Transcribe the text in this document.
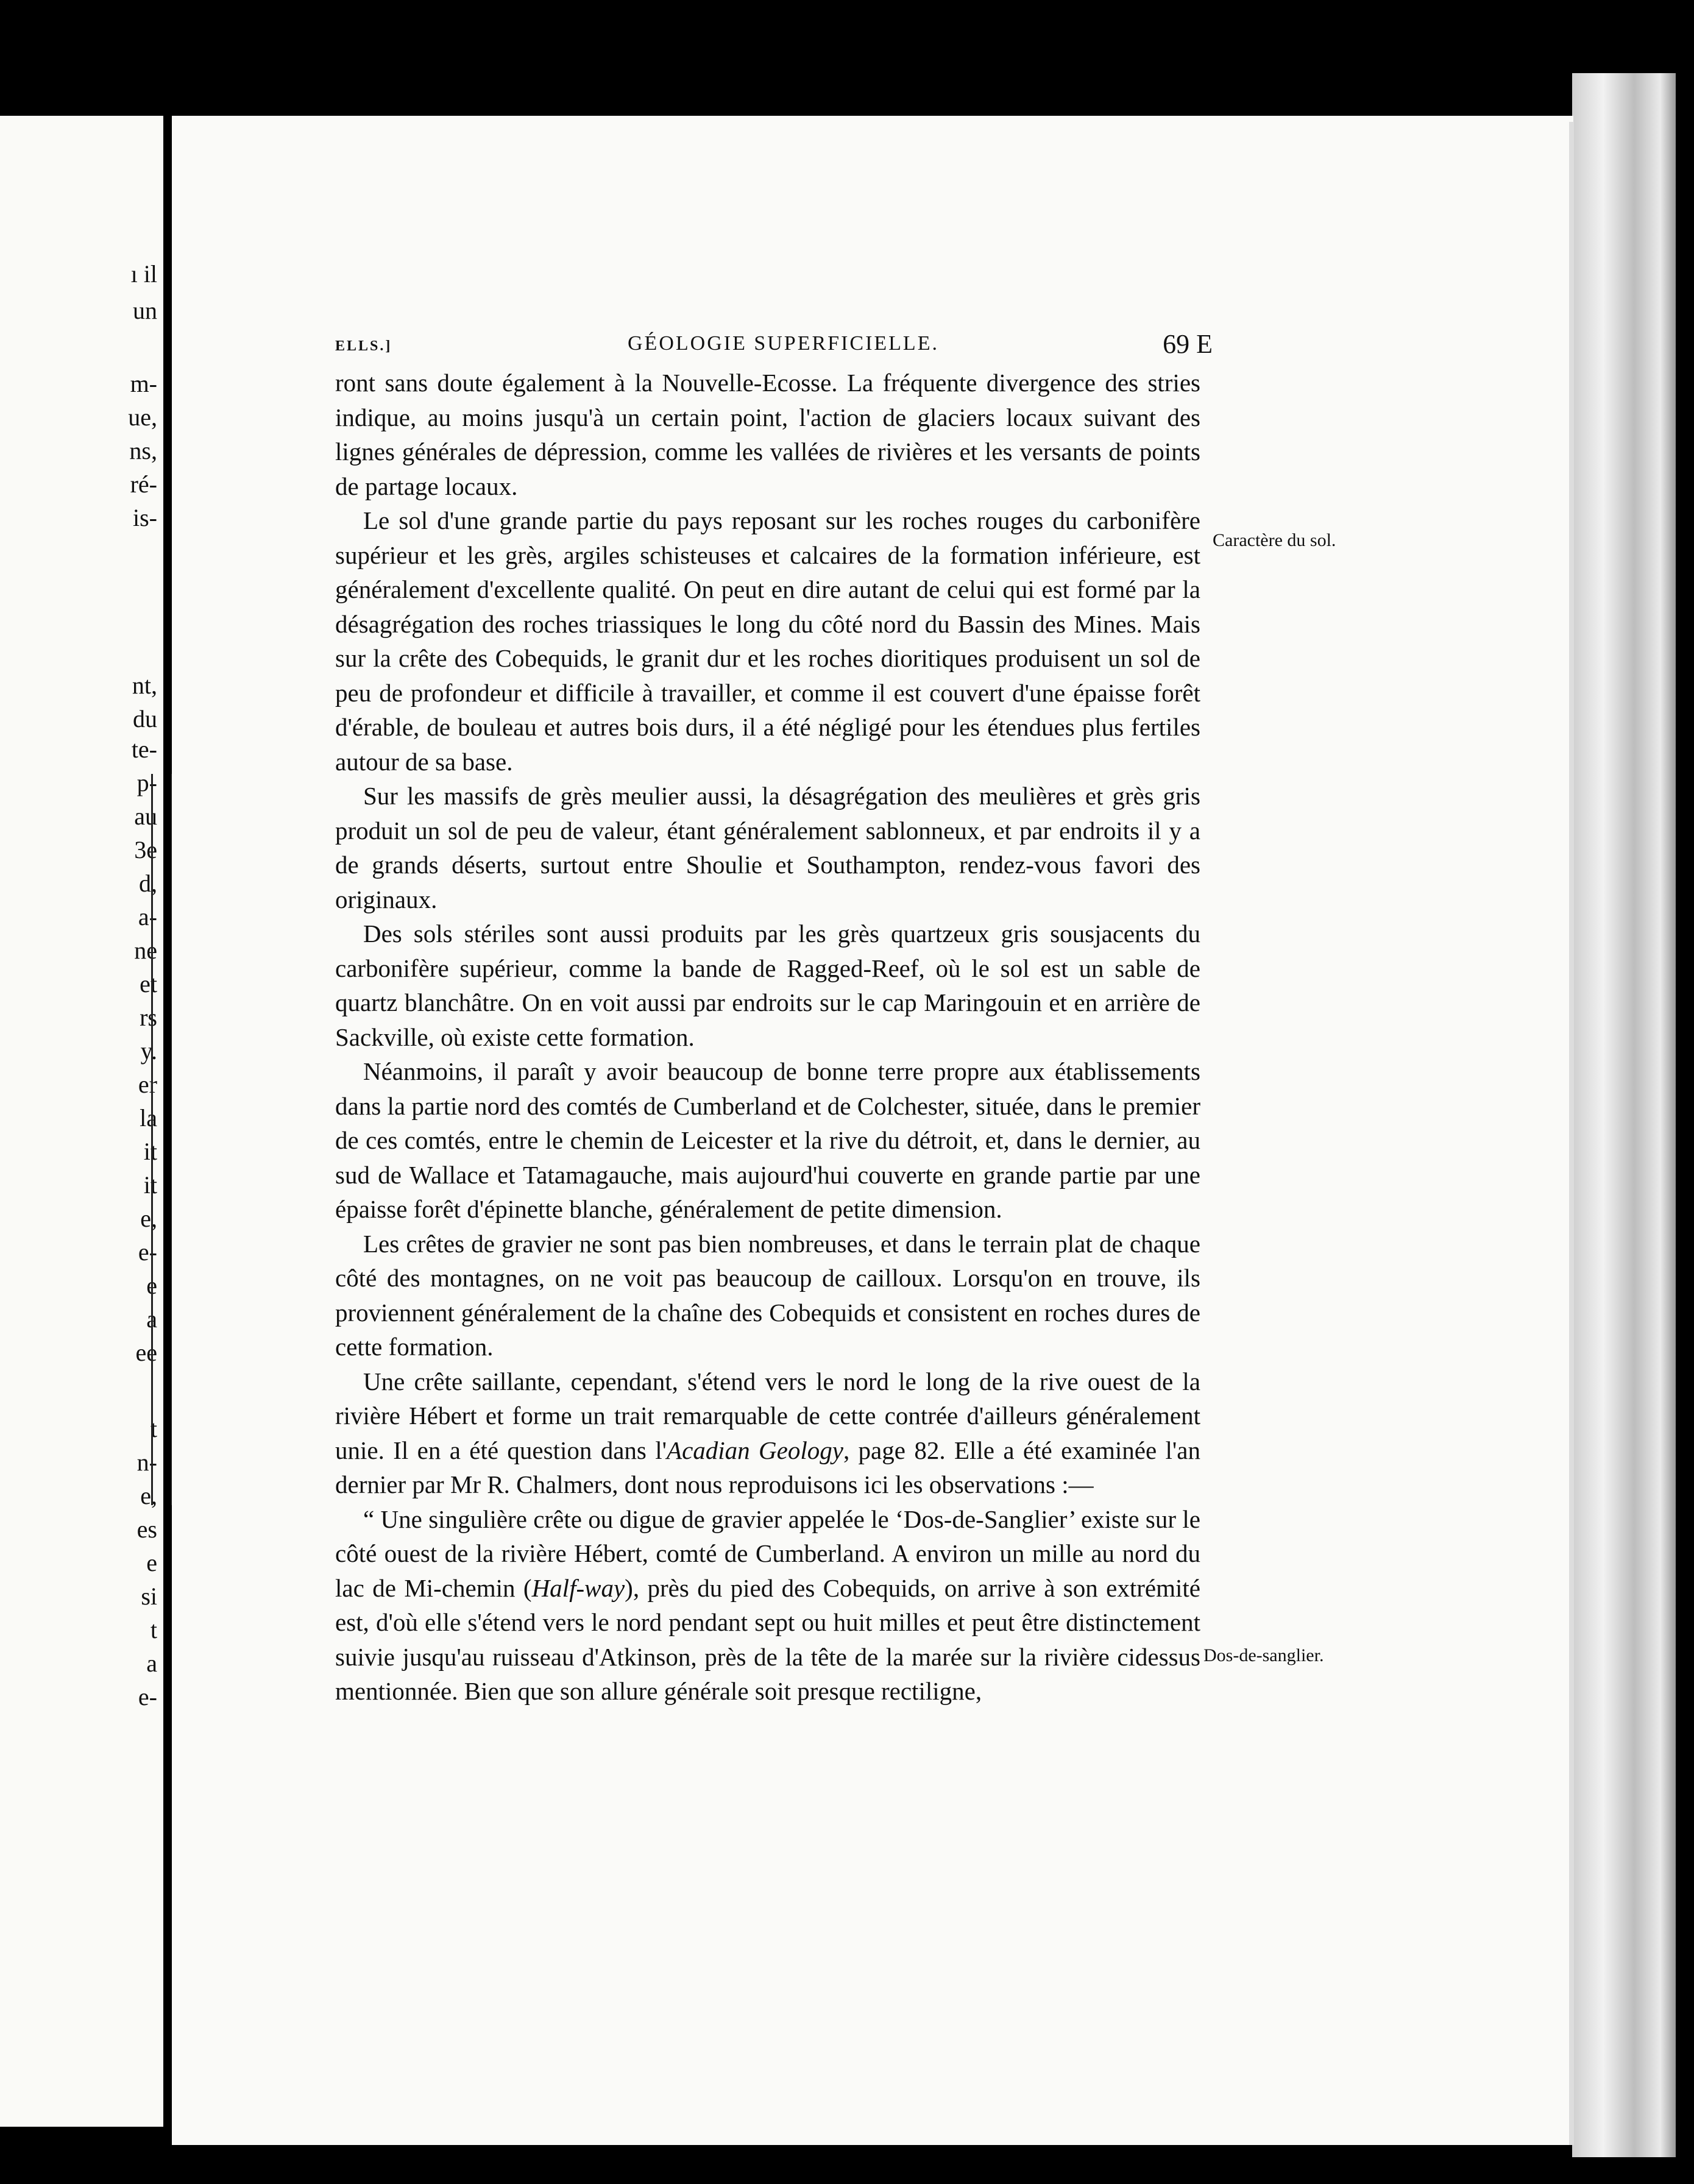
ı il
un
m-
ue,
ns,
ré-
is-
nt,
du
te-
p-
au
3e
d,
a-
ne
et
rs
y.
er
la
it
it
e,
e-
e
a
ee
t
n-
e,
es
e
si
t
a
e-
ELLS.]	GÉOLOGIE SUPERFICIELLE.	69 E

ront sans doute également à la Nouvelle-Ecosse. La fréquente divergence des stries indique, au moins jusqu'à un certain point, l'action de glaciers locaux suivant des lignes générales de dépression, comme les vallées de rivières et les versants de points de partage locaux.

Le sol d'une grande partie du pays reposant sur les roches rouges du carbonifère supérieur et les grès, argiles schisteuses et calcaires de la formation inférieure, est généralement d'excellente qualité. On peut en dire autant de celui qui est formé par la désagrégation des roches triassiques le long du côté nord du Bassin des Mines. Mais sur la crête des Cobequids, le granit dur et les roches dioritiques produisent un sol de peu de profondeur et difficile à travailler, et comme il est couvert d'une épaisse forêt d'érable, de bouleau et autres bois durs, il a été négligé pour les étendues plus fertiles autour de sa base.

Sur les massifs de grès meulier aussi, la désagrégation des meulières et grès gris produit un sol de peu de valeur, étant généralement sablonneux, et par endroits il y a de grands déserts, surtout entre Shoulie et Southampton, rendez-vous favori des originaux.

Des sols stériles sont aussi produits par les grès quartzeux gris sousjacents du carbonifère supérieur, comme la bande de Ragged-Reef, où le sol est un sable de quartz blanchâtre. On en voit aussi par endroits sur le cap Maringouin et en arrière de Sackville, où existe cette formation.

Néanmoins, il paraît y avoir beaucoup de bonne terre propre aux établissements dans la partie nord des comtés de Cumberland et de Colchester, située, dans le premier de ces comtés, entre le chemin de Leicester et la rive du détroit, et, dans le dernier, au sud de Wallace et Tatamagauche, mais aujourd'hui couverte en grande partie par une épaisse forêt d'épinette blanche, généralement de petite dimension.

Les crêtes de gravier ne sont pas bien nombreuses, et dans le terrain plat de chaque côté des montagnes, on ne voit pas beaucoup de cailloux. Lorsqu'on en trouve, ils proviennent généralement de la chaîne des Cobequids et consistent en roches dures de cette formation.

Une crête saillante, cependant, s'étend vers le nord le long de la rive ouest de la rivière Hébert et forme un trait remarquable de cette contrée d'ailleurs généralement unie. Il en a été question dans l'Acadian Geology, page 82. Elle a été examinée l'an dernier par Mr R. Chalmers, dont nous reproduisons ici les observations :—

“ Une singulière crête ou digue de gravier appelée le ‘Dos-de-Sanglier’ existe sur le côté ouest de la rivière Hébert, comté de Cumberland. A environ un mille au nord du lac de Mi-chemin (Half-way), près du pied des Cobequids, on arrive à son extrémité est, d'où elle s'étend vers le nord pendant sept ou huit milles et peut être distinctement suivie jusqu'au ruisseau d'Atkinson, près de la tête de la marée sur la rivière cidessus mentionnée. Bien que son allure générale soit presque rectiligne,

Caractère du sol.
Dos-de-sanglier.
